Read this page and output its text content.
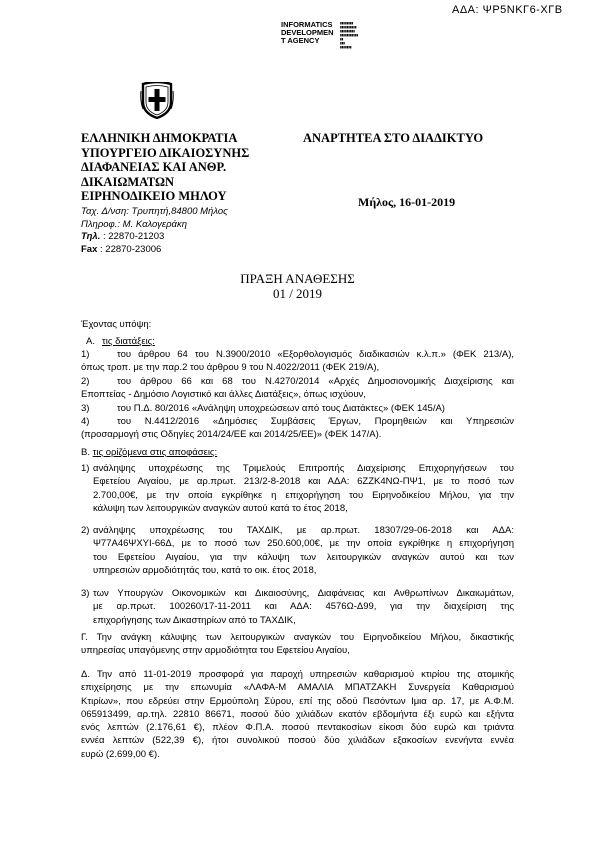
ΑΔΑ: ΨΡ5ΝΚΓ6-ΧΓΒ
INFORMATICS
DEVELOPMEN
T AGENCY
▮▮▮▮▮▮▮▮
▮▮▮▮▮▮▮▮▮▮
▮▮▮▮▮▮▮▮▮
▮▮▮▮▮▮▮▮▮▮▮
▮▮
▮▮▮
▮▮▮▮▮▮▮
ΕΛΛΗΝΙΚΗ ΔΗΜΟΚΡΑΤΙΑ
ΥΠΟΥΡΓΕΙΟ ΔΙΚΑΙΟΣΥΝΗΣ
ΔΙΑΦΑΝΕΙΑΣ ΚΑΙ ΑΝΘΡ.
ΔΙΚΑΙΩΜΑΤΩΝ
ΕΙΡΗΝΟΔΙΚΕΙΟ ΜΗΛΟΥ
Ταχ. Δ/νση: Τρυπητή,84800 Μήλος
Πληροφ.: Μ. Καλογεράκη
Τηλ. : 22870-21203
Fax : 22870-23006
ΑΝΑΡΤΗΤΕΑ ΣΤΟ ΔΙΑΔΙΚΤΥΟ
Μήλος, 16-01-2019
ΠΡΑΞΗ ΑΝΑΘΕΣΗΣ
01 / 2019
Έχοντας υπόψη:
Α. τις διατάξεις:
1)	του άρθρου 64 του Ν.3900/2010 «Εξορθολογισμός διαδικασιών κ.λ.π.» (ΦΕΚ 213/Α),
όπως τροπ. με την παρ.2 του άρθρου 9 του Ν.4022/2011 (ΦΕΚ 219/Α),
2)	του άρθρου 66 και 68 του Ν.4270/2014 «Αρχές Δημοσιονομικής Διαχείρισης και
Εποπτείας - Δημόσιο Λογιστικό και άλλες Διατάξεις», όπως ισχύουν,
3)	του Π.Δ. 80/2016 «Ανάληψη υποχρεώσεων από τους Διατάκτες» (ΦΕΚ 145/Α)
4)	του Ν.4412/2016 «Δημόσιες Συμβάσεις Έργων, Προμηθειών και Υπηρεσιών
(προσαρμογή στις Οδηγίες 2014/24/ΕΕ και 2014/25/ΕΕ)» (ΦΕΚ 147/Α).
Β. τις ορίζόμενα στις αποφάσεις:
1) ανάληψης υποχρέωσης της Τριμελούς Επιτροπής Διαχείρισης Επιχορηγήσεων του
Εφετείου Αιγαίου, με αρ.πρωτ. 213/2-8-2018 και ΑΔΑ: 6ΖΖΚ4ΝΩ-ΠΨ1, με το ποσό των
2.700,00€, με την οποία εγκρίθηκε η επιχορήγηση του Ειρηνοδικείου Μήλου, για την
κάλυψη των λειτουργικών αναγκών αυτού κατά το έτος 2018,
2) ανάληψης υποχρέωσης του ΤΑΧΔΙΚ, με αρ.πρωτ. 18307/29-06-2018 και ΑΔΑ:
Ψ77Α46ΨΧΥΙ-66Δ, με το ποσό των 250.600,00€, με την οποία εγκρίθηκε η επιχορήγηση
του Εφετείου Αιγαίου, για την κάλυψη των λειτουργικών αναγκών αυτού και των
υπηρεσιών αρμοδιότητάς του, κατά το οικ. έτος 2018,
3) των Υπουργών Οικονομικών και Δικαιοσύνης, Διαφάνειας και Ανθρωπίνων Δικαιωμάτων,
με αρ.πρωτ. 100260/17-11-2011 και ΑΔΑ: 4576Ω-Δ99, για την διαχείριση της
επιχορήγησης των Δικαστηρίων από το ΤΑΧΔΙΚ,
Γ. Την ανάγκη κάλυψης των λειτουργικών αναγκών του Ειρηνοδικείου Μήλου, δικαστικής
υπηρεσίας υπαγόμενης στην αρμοδιότητα του Εφετείου Αιγαίου,
Δ. Την από 11-01-2019 προσφορά για παροχή υπηρεσιών καθαρισμού κτιρίου της ατομικής
επιχείρησης με την επωνυμία «ΛΑΦΑ-Μ ΑΜΑΛΙΑ ΜΠΑΤΖΑΚΗ Συνεργεία Καθαρισμού
Κτιρίων», που εδρεύει στην Ερμούπολη Σύρου, επί της οδού Πεσόντων Ιμια αρ. 17, με Α.Φ.Μ.
065913499, αρ.τηλ. 22810 86671, ποσού δύο χιλιάδων εκατόν εβδομήντα έξι ευρώ και εξήντα
ενός λεπτών (2.176,61 €), πλέον Φ.Π.Α. ποσού πεντακοσίων είκοσι δύο ευρώ και τριάντα
εννέα λεπτών (522,39 €), ήτοι συνολικού ποσού δύο χιλιάδων εξακοσίων ενενήντα εννέα
ευρώ (2.699,00 €).
